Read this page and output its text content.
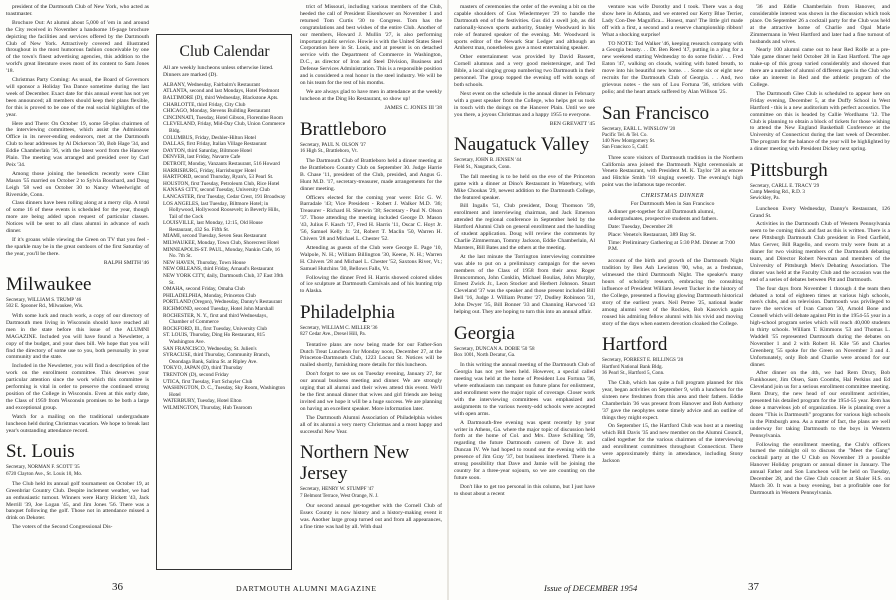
president of the Dartmouth Club of New York, who acted as toastmaster.

Brochure Out: At alumni about 5,000 of 'em in and around the City received in November a handsome 16-page brochure depicting the facilities and services offered by the Dartmouth Club of New York. Attractively covered and illustrated throughout in the most humorous fashion conceivable by one of the town's finest advertising agencies, this addition to the world's great literature owes most of its content to Sam Jones '18.

Christmas Party Coming: As usual, the Board of Governors will sponsor a Holiday Tea Dance sometime during the last week of December. Exact date for this annual event has not yet been announced; all members should keep their plans flexible, for this is proved to be one of the real social highlights of the year.

Here and There: On October 19, some 50-plus chairmen of the interviewing committees, which assist the Admissions Office in its never-ending endeavors, met at the Dartmouth Club to hear addresses by Al Dickerson '30, Bob Hage '34, and Eddie Chamberlain '36, with the latest word from the Hanover Plain. The meeting was arranged and presided over by Carl Peix '34.

Among those joining the benedicts recently were Clint Mason '55 married on October 2 to Sylvia Bouchard, and Doug Leigh '58 wed on October 30 to Nancy Wheelwright of Riverside, Conn.

Class dinners have been rolling along at a merry clip. A total of some 16 of these events is scheduled for the year, though more are being added upon request of particular classes. Notices will be sent to all class alumni in advance of each dinner.

If it's groans while viewing the Green on TV that you feel - the sparkle may be in the great outdoors of the first Saturday of the year, you'll be there.

RALPH SMITH '46
Milwaukee
Secretary, WILLIAM S. TRUMP '46
502 E. Spooner Rd., Milwaukee, Wis.

With some luck and much work, a copy of our directory of Dartmouth men living in Wisconsin should have reached all men in the state before this issue of the ALUMNI MAGAZINE. Included you will have found a Newsletter, a copy of the budget, and your dues bill. We hope that you will find the directory of some use to you, both personally in your community and the state.

Included in the Newsletter, you will find a description of the work on the enrollment committee. This deserves your particular attention since the work which this committee is performing is vital in order to preserve the continued strong position of the College in Wisconsin. Even at this early date, the Class of 1959 from Wisconsin promises to be both a large and exceptional group.

Watch for a mailing on the traditional undergraduate luncheon held during Christmas vacation. We hope to break last year's outstanding attendance record.

St. Louis
Secretary, NORMAN F. SCOTT '35
6720 Clayton Ave., St. Louis 10, Mo.

The Club held its annual golf tournament on October 19, at Greenbriar Country Club. Despite inclement weather, we had an enthusiastic turnout. Winners were Harry Bickett '43, Jack Merrill '39, Joe Logan '45, and Jim Jones '56. There was a banquet following the golf. Those not in attendance missed a drink on Dekoter.

The voters of the Second Congressional Dis-

Club Calendar
All are weekly luncheons unless otherwise listed. Dinners are marked (D).
ALBANY, Wednesday, Fairbairn's Restaurant
ATLANTA, second and last Mondays, Hotel Piedmont
BALTIMORE (D), third Wednesday, Blackstone Apts.
CHARLOTTE, third Friday, City Club
CHICAGO, Monday, Stevens Building Restaurant
CINCINNATI, Tuesday, Hotel Gibson, Florentine Room
CLEVELAND, Friday, Mid-Day Club, Union Commerce Bldg.
COLUMBUS, Friday, Deshler-Hilton Hotel
DALLAS, first Friday, Italian Village Restaurant
DAYTON, third Saturday, Biltmore Hotel
DENVER, last Friday, Navarre Cafe
DETROIT, Monday, Vanzants Restaurant, 516 Howard
HARRISBURG, Friday, Harrisburger Hotel
HARTFORD, second Thursday, Ryan's, 53 Pearl St.
HOUSTON, first Tuesday, Petroleum Club, Rice Hotel
KANSAS CITY, second Tuesday, University Club
LANCASTER, first Tuesday, Cedar Crest, 191 Broadway
LOS ANGELES, last Tuesday, Biltmore Hotel; in Hollywood, Hollywood Roosevelt; in Beverly Hills, Tail of the Cock
LOUISVILLE, last Monday, 12:15, Old House Restaurant, 432 So. Fifth St.
MIAMI, second Tuesday, Seven Seas Restaurant
MILWAUKEE, Monday, Town Club, Shorecrest Hotel
MINNEAPOLIS-ST. PAUL, Monday, Nankin Cafe, 16 No. 7th St.
NEW HAVEN, Thursday, Town House
NEW ORLEANS, third Friday, Arnaud's Restaurant
NEW YORK CITY, daily, Dartmouth Club, 37 East 39th St.
OMAHA, second Friday, Omaha Club
PHILADELPHIA, Monday, Princeton Club
PORTLAND (Oregon), Wednesday, Danny's Restaurant
RICHMOND, second Tuesday, Hotel John Marshall
ROCHESTER, N. Y., first and third Wednesdays, Chamber of Commerce
ROCKFORD, Ill., first Tuesday, University Club
ST. LOUIS, Thursday, Ding Ho Restaurant, 815 Washington Ave.
SAN FRANCISCO, Wednesday, St. Julien's
SYRACUSE, third Thursday, Community Branch, Onondaga Bank, Salina St. at Ripley Ave.
TOKYO, JAPAN (D), third Thursday
TRENTON (D), second Friday
UTICA, first Tuesday, Fort Schuyler Club
WASHINGTON, D. C., Tuesday, Sky Room, Washington Hotel
WATERBURY, Tuesday, Hotel Elton
WILMINGTON, Thursday, Hub Tearoom

trict of Missouri, including various members of the Club, heeded the call of President Eisenhower on November 1 and returned Tom Curtis '30 to Congress. Tom has the congratulations and best wishes of the entire Club. Another of our members, Howard J. Mullin '27, is also performing important public service. Howie is with the United States Steel Corporation here in St. Louis, and at present is on detached service with the Department of Commerce in Washington, D.C., as director of Iron and Steel Division, Business and Defense Services Administration. This is a responsible position and is considered a real honor in the steel industry. We will be on his team for the rest of his months.

We are always glad to have men in attendance at the weekly luncheon at the Ding Ho Restaurant, so show up!

JAMES C. JONES III '38
Brattleboro
Secretary, PAUL N. OLSON '37
16 High St., Brattleboro, Vt.

The Dartmouth Club of Brattleboro held a dinner meeting at the Brattleboro Country Club on September 30. Judge Harrie B. Chase '11, president of the Club, presided, and Angus G. Hunt M.D. '17, secretary-treasurer, made arrangements for the dinner meeting.

Officers elected for the coming year were: Eric G. W. Barradale '43; Vice President - Robert J. Walker M.D. '36; Treasurer - Richard H. Sherwin '38; Secretary - Paul N. Olson '37. Those attending the meeting included George D. Mason '43, Julius F. Kasch '17, Fred H. Harris '11, Oscar C. Hoyt Jr. '56, Samuel Kelly Jr. '24, Robert T. Maclin '50, Warren H. Chivers '28 and Michael L. Chester '52.

Attending as guests of the Club were George E. Page '10, Walpole, N. H.; William Billington '30, Keene, N. H.; Warren H. Chivers '28 and Michael L. Chester '52, Saxtons River, Vt.; Samuel Hutchins '30, Bellows Falls, Vt.

Following the dinner Fred H. Harris showed colored slides of ice sculpture at Dartmouth Carnivals and of his hunting trip to Alaska.

Philadelphia
Secretary, WILLIAM C. MILLER '36
827 Cedar Ave., Drexel Hill, Pa.

Tentative plans are now being made for our Father-Son Dutch Treat Luncheon for Monday noon, December 27, at the Princeton-Dartmouth Club, 1223 Locust St. Notices will be mailed shortly, furnishing more details for this luncheon.

Don't forget to see us on Tuesday evening, January 27, for our annual business meeting and dinner. We are strongly urging that all alumni and their wives attend this event. We'll be the first annual dinner that wives and girl friends are being invited and we hope it will be a huge success. We are planning on having an excellent speaker. More information later.

The Dartmouth Alumni Association of Philadelphia wishes all of its alumni a very merry Christmas and a most happy and successful New Year.

Northern New Jersey
Secretary, HENRY W. STUMPF '47
7 Belmont Terrace, West Orange, N. J.

Our second annual get-together with the Cornell Club of Essex County is now history and a history-making event it was. Another large group turned out and from all appearances, a fine time was had by all. With dual

36	DARTMOUTH ALUMNI MAGAZINE

masters of ceremonies the order of the evening a bit on the capable shoulders of Gus Wiedermeyer '29 to handle the Dartmouth end of the festivities. Gus did a swell job, as did nationally-known sports authority, Stanley Woodward in his role of featured speaker of the evening. Mr. Woodward is sports editor of the Newark Star Ledger and although an Amherst man, nonetheless gave a most entertaining speaker.

Other entertainment was provided by David Bassett, Cornell alumnus and a very good meistersinger, and Ted Bible, a local singing group numbering two Dartmouth in their personnel. The group topped the evening off with songs of both schools.

Next event on the schedule is the annual dinner in February with a guest speaker from the College, who helps get us took in touch with the doings on the Hanover Plain. Until we see you there, a joyous Christmas and a happy 1955 to everyone.

BEN GREVATT '45
Naugatuck Valley
Secretary, JOHN B. JENSEN '44
Field St., Naugatuck, Conn.

The fall meeting is to be held on the eve of the Princeton game with a dinner at Dino's Restaurant in Waterbury, with Mike Choukas '29, newest addition to the Dartmouth College, the featured speaker.

Bill Ingalls '51, Club president, Doug Thomson '39, enrollment and interviewing chairman, and Jack Emerson attended the regional conference in September held by the Hartford Alumni Club on general enrollment and the handling of student application. Doug will review the comments by Charlie Zimmerman, Tommy Jackson, Eddie Chamberlain, Al Marsters, Bill Bates and the others at the meeting.

At the last minute the Torrington interviewing committee was able to put on a preliminary campaign for the seven members of the Class of 1958 from their area: Roger Bruncommon, John Conklin, Michael Boulias, John Murphy, Ernest Zwick Jr., Leon Stocker and Herbert Johnson. Stuart Cleveland '37 was the speaker and those present included Bill Bell '16, Judge J. William Prutter '27, Dudley Robinson '31, John Dwyer '35, Bill Bonner '33 and Channing Harwood '43 helping out. They are hoping to turn this into an annual affair.

Georgia
Secretary, DUNCAN A. DOBIE '50 '58
Box 1001, North Decatur, Ga.

In this writing the annual meeting of the Dartmouth Club of Georgia has not yet been held. However, a special called meeting was held at the home of President Lou Fortuna '36, where enthusiasm ran rampant on future plans for enlistment, and enrollment were the major topic of coverage. Closer work with the interviewing committees was emphasized and assignments to the various twenty-odd schools were accepted with open arms.

A Dartmouth-free evening was spent recently by your writer in Athens, Ga. where the major topic of discussion held forth at the home of Col. and Mrs. Dave Schilling '39, regarding the future Dartmouth careers of Dave Jr. and Duncan IV. We had hoped to round out the evening with the presence of Jim Gray '37, but business interfered. There is a strong possibility that Dave and Jamie will be joining the country for a three-year sojourn, so we are counting on the future soon.

Don't like to get too personal in this column, but I just have to shout about a recent

venture was wife Dorothy and I took. There was a dog show here in Atlanta, and we entered our Kerry Blue Terrier, Lady Con-Dee Magnifica... Honest, man! The little girl made off with a first, a second and a reserve championship ribbon! What a shocking surprise!

TO NOTE: Tod Walker '46, keeping research company with a Georgia beauty. . . Dr. Ben Reed '47, putting in a plug for a new weekend starting Wednesday to do some fishin'. . . Fred Eaton '47, walking on clouds, waiting with bated breath, to move into his beautiful new home. . . Some six or eight new recruits for the Dartmouth Club of Georgia. . . And, two grievous notes - the son of Lou Fortuna '36, stricken with polio; and the heart attack suffered by Alan Willson '25.

San Francisco
Secretary, EARL L. WINSLOW '20
Pacific Tel. & Tel. Co.
140 New Montgomery St.
San Francisco 5, Calif.

Three score visitors of Dartmouth tradition in the Northern California area joined the Dartmouth Night ceremonials at Veneto Restaurant, with President M. K. Taylor '28 as emcee and Hitchie Smith '18 singing sweetly. The evening's high point was the infamous tape recorder.

CHRISTMAS DINNER
For Dartmouth Men in San Francisco
A dinner get-together for all Dartmouth alumni, undergraduates, prospective students and fathers.
Date: Tuesday, December 28
Place: Veneto's Restaurant, 389 Bay St.
Time: Preliminary Gathering at 5:30 P.M. Dinner at 7:00 P.M.

account of the birth and growth of the Dartmouth Night tradition by Ben Ash Lewiston '00, who, as a freshman, witnessed the third Dartmouth Night. The speaker's many hours of scholarly research, embracing the consulting influence of President William Jewett Tucker in the history of the College, presented a flowing glowing Dartmouth historical story of the earliest years. Neil Petree '25, national leader among alumni west of the Rockies, Bob Kasovich again roused his admiring fellow alumni with his vivid and moving story of the days when eastern devotion cloaked the College.

Hartford
Secretary, FORREST E. BILLINGS '28
Hartford National Bank Bldg.
36 Pearl St., Hartford 5, Conn.

The Club, which has quite a full program planned for this year, began activities on September 9, with a luncheon for the sixteen new freshmen from this area and their fathers. Eddie Chamberlain '36 was present from Hanover and Bob Anthony '37 gave the neophytes some timely advice and an outline of things they might expect.

On September 15, the Hartford Club was host at a meeting which Bill Davis '35 and new member on the Alumni Council, called together for the various chairmen of the interviewing and enrollment committees throughout Connecticut. There were approximately thirty in attendance, including Stony Jackson

'36 and Eddie Chamberlain from Hanover, and considerable interest was shown in the discussion which took place. On September 26 a cocktail party for the Club was held at the attractive home of Charlie and Opal Marie Zimmermann in West Hartford and later had a fine turnout of husbands and wives.

Nearly 100 alumni came out to hear Red Rolfe at a pre-Yale game dinner held October 28 in East Hartford. The age make-up of this group varied considerably and showed that there are a number of alumni of different ages in the Club who take an interest in Red and the athletic program of the College.

The Dartmouth Glee Club is scheduled to appear here on Friday evening, December 5, at the Duffy School in West Hartford - this is a new auditorium with perfect acoustics. The committee on this is headed by Callie Wordhams '12. The Club is planning to obtain a block of tickets for those wishing to attend the New England Basketball Conference at the University of Connecticut during the last week of December. The program for the balance of the year will be highlighted by a dinner meeting with President Dickey next spring.

Pittsburgh
Secretary, CARLL E. TRACY '29
Camp Meeting Rd., R.D. 3
Sewickley, Pa.

Luncheon Every Wednesday, Danny's Restaurant, 126 Grand St.

Activities in the Dartmouth Club of Western Pennsylvania seem to be coming thick and fast as this is written. There is a new Pittsburgh Dartmouth Club president in Fred Garfield, Max Gerver, Bill Ragello, and sworn truly were feats at a dinner for two visiting members of the Dartmouth debating team, and Director Robert Newman and members of the University of Pittsburgh Men's Debating Association. The dinner was held at the Faculty Club and the occasion was the end of a series of debates between Pitt and Dartmouth.

The four days from November 1 through 4 the team then debated a total of eighteen times at various high schools, men's clubs, and on television. Dartmouth was privileged to have the services of Ivan Carson '30, Arnold Bone and Connell which will debate against Pitt in the 1954-55 year in a high-school program series which will reach 40,000 students in thirty schools. William T. Kimmons '53 and Thomas L. Waddell '55 represented Dartmouth during the debates on November 1 and 2 with Robert H. Kile '56 and Charles Greenberg '55 spoke for the Green on November 3 and 4. Unfortunately, only Bob and Charlie were around for our dinner.

After dinner on the 4th, we had Rem Drury, Bob Funkhouser, Jim Olsen, Sam Coombs, Hal Perkins and Ed Cleveland join us for a serious enrollment committee meeting. Rem Drury, the new head of our enrollment activities, presented his detailed program for the 1954-55 year. Rem has done a marvelous job of organization. He is planning over a dozen "This is Dartmouth" programs for various high schools in the Pittsburgh area. As a matter of fact, the plans are well underway for taking Dartmouth to the boys in Western Pennsylvania.

Following the enrollment meeting, the Club's officers burned the midnight oil to discuss the "Meet the Gang" cocktail party at the U Club on November 19 a possible Hanover Holiday program or annual dinner in January. The annual Father and Son Luncheon will be held on Tuesday, December 28, and the Glee Club concert at Shaler H.S. on March 30. It was a busy evening, but a profitable one for Dartmouth in Western Pennsylvania.

Issue of DECEMBER 1954	37
